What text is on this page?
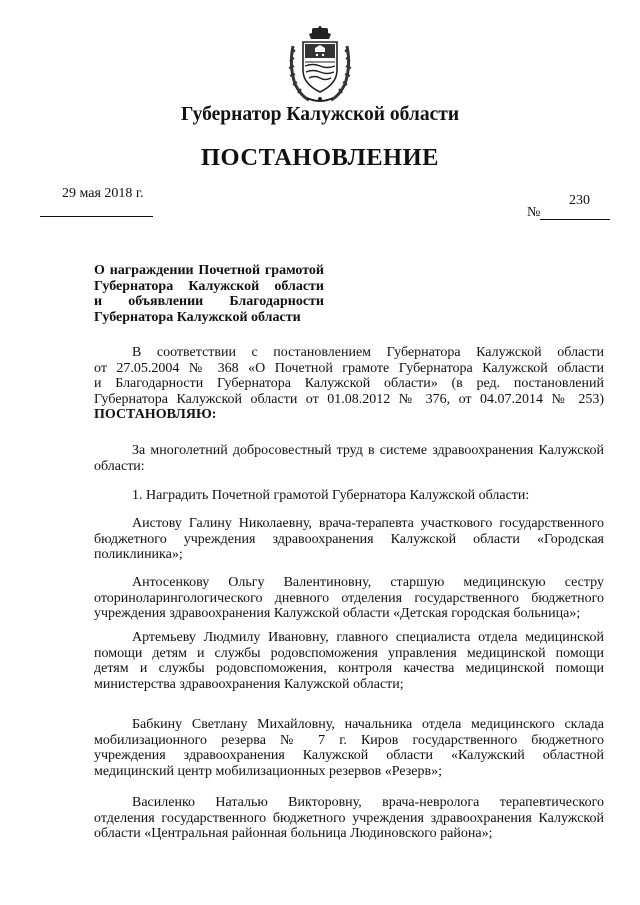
Губернатор Калужской области
ПОСТАНОВЛЕНИЕ
29 мая 2018 г.	230
№
О награждении Почетной грамотой
Губернатора Калужской области
и объявлении Благодарности
Губернатора Калужской области
В соответствии с постановлением Губернатора Калужской области
от 27.05.2004 № 368 «О Почетной грамоте Губернатора Калужской области
и Благодарности Губернатора Калужской области» (в ред. постановлений
Губернатора Калужской области от 01.08.2012 № 376, от 04.07.2014 № 253)
ПОСТАНОВЛЯЮ:
За многолетний добросовестный труд в системе здравоохранения Калужской
области:
1. Наградить Почетной грамотой Губернатора Калужской области:
Аистову Галину Николаевну, врача-терапевта участкового государственного
бюджетного учреждения здравоохранения Калужской области «Городская
поликлиника»;
Антосенкову Ольгу Валентиновну, старшую медицинскую сестру
оториноларингологического дневного отделения государственного бюджетного
учреждения здравоохранения Калужской области «Детская городская больница»;
Артемьеву Людмилу Ивановну, главного специалиста отдела медицинской
помощи детям и службы родовспоможения управления медицинской помощи
детям и службы родовспоможения, контроля качества медицинской помощи
министерства здравоохранения Калужской области;
Бабкину Светлану Михайловну, начальника отдела медицинского склада
мобилизационного резерва № 7 г. Киров государственного бюджетного
учреждения здравоохранения Калужской области «Калужский областной
медицинский центр мобилизационных резервов «Резерв»;
Василенко Наталью Викторовну, врача-невролога терапевтического
отделения государственного бюджетного учреждения здравоохранения Калужской
области «Центральная районная больница Людиновского района»;
